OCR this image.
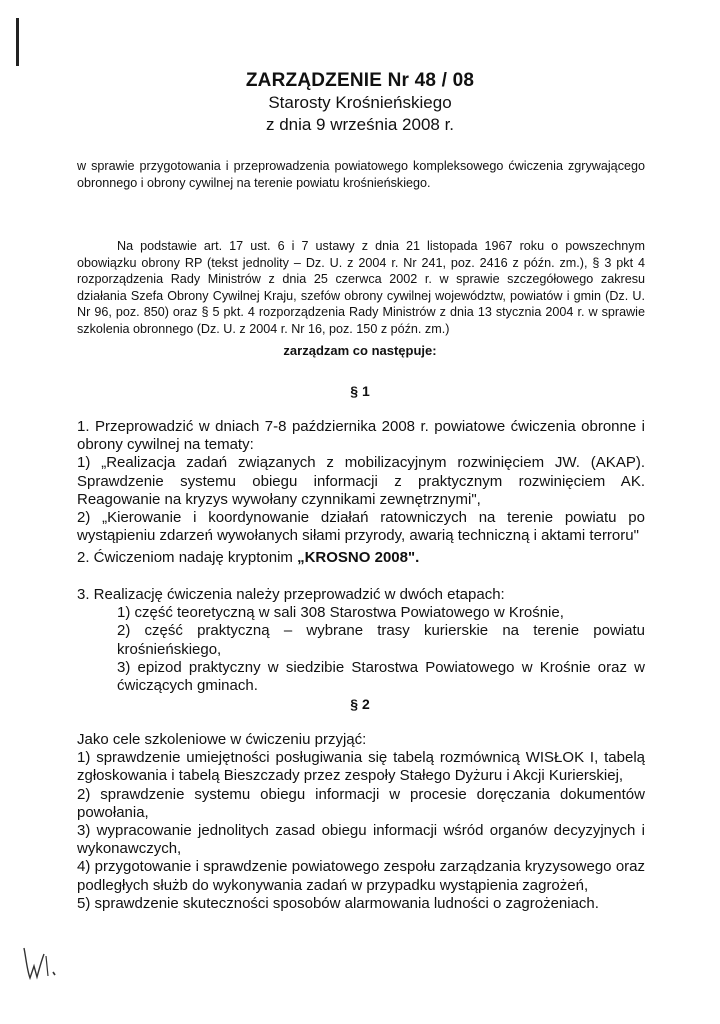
ZARZĄDZENIE Nr 48 / 08
Starosty Krośnieńskiego
z dnia 9 września 2008 r.

w sprawie przygotowania i przeprowadzenia powiatowego kompleksowego ćwiczenia zgrywającego obronnego i obrony cywilnej na terenie powiatu krośnieńskiego.

Na podstawie art. 17 ust. 6 i 7 ustawy z dnia 21 listopada 1967 roku o powszechnym obowiązku obrony RP (tekst jednolity – Dz. U. z 2004 r. Nr 241, poz. 2416 z późn. zm.), § 3 pkt 4 rozporządzenia Rady Ministrów z dnia 25 czerwca 2002 r. w sprawie szczegółowego zakresu działania Szefa Obrony Cywilnej Kraju, szefów obrony cywilnej województw, powiatów i gmin (Dz. U. Nr 96, poz. 850) oraz § 5 pkt. 4 rozporządzenia Rady Ministrów z dnia 13 stycznia 2004 r. w sprawie szkolenia obronnego (Dz. U. z 2004 r. Nr 16, poz. 150 z późn. zm.)

zarządzam co następuje:
§ 1

1. Przeprowadzić w dniach 7-8 października 2008 r. powiatowe ćwiczenia obronne i obrony cywilnej na tematy:

1) „Realizacja zadań związanych z mobilizacyjnym rozwinięciem JW. (AKAP). Sprawdzenie systemu obiegu informacji z praktycznym rozwinięciem AK. Reagowanie na kryzys wywołany czynnikami zewnętrznymi",

2) „Kierowanie i koordynowanie działań ratowniczych na terenie powiatu po wystąpieniu zdarzeń wywołanych siłami przyrody, awarią techniczną i aktami terroru"

2. Ćwiczeniom nadaję kryptonim „KROSNO 2008".

3. Realizację ćwiczenia należy przeprowadzić w dwóch etapach:

1) część teoretyczną w sali 308 Starostwa Powiatowego w Krośnie,
2) część praktyczną – wybrane trasy kurierskie na terenie powiatu krośnieńskiego,
3) epizod praktyczny w siedzibie Starostwa Powiatowego w Krośnie oraz w ćwiczących gminach.
§ 2

Jako cele szkoleniowe w ćwiczeniu przyjąć:

1) sprawdzenie umiejętności posługiwania się tabelą rozmównicą WISŁOK I, tabelą zgłoskowania i tabelą Bieszczady przez zespoły Stałego Dyżuru i Akcji Kurierskiej,

2) sprawdzenie systemu obiegu informacji w procesie doręczania dokumentów powołania,

3) wypracowanie jednolitych zasad obiegu informacji wśród organów decyzyjnych i wykonawczych,

4) przygotowanie i sprawdzenie powiatowego zespołu zarządzania kryzysowego oraz podległych służb do wykonywania zadań w przypadku wystąpienia zagrożeń,

5) sprawdzenie skuteczności sposobów alarmowania ludności o zagrożeniach.
